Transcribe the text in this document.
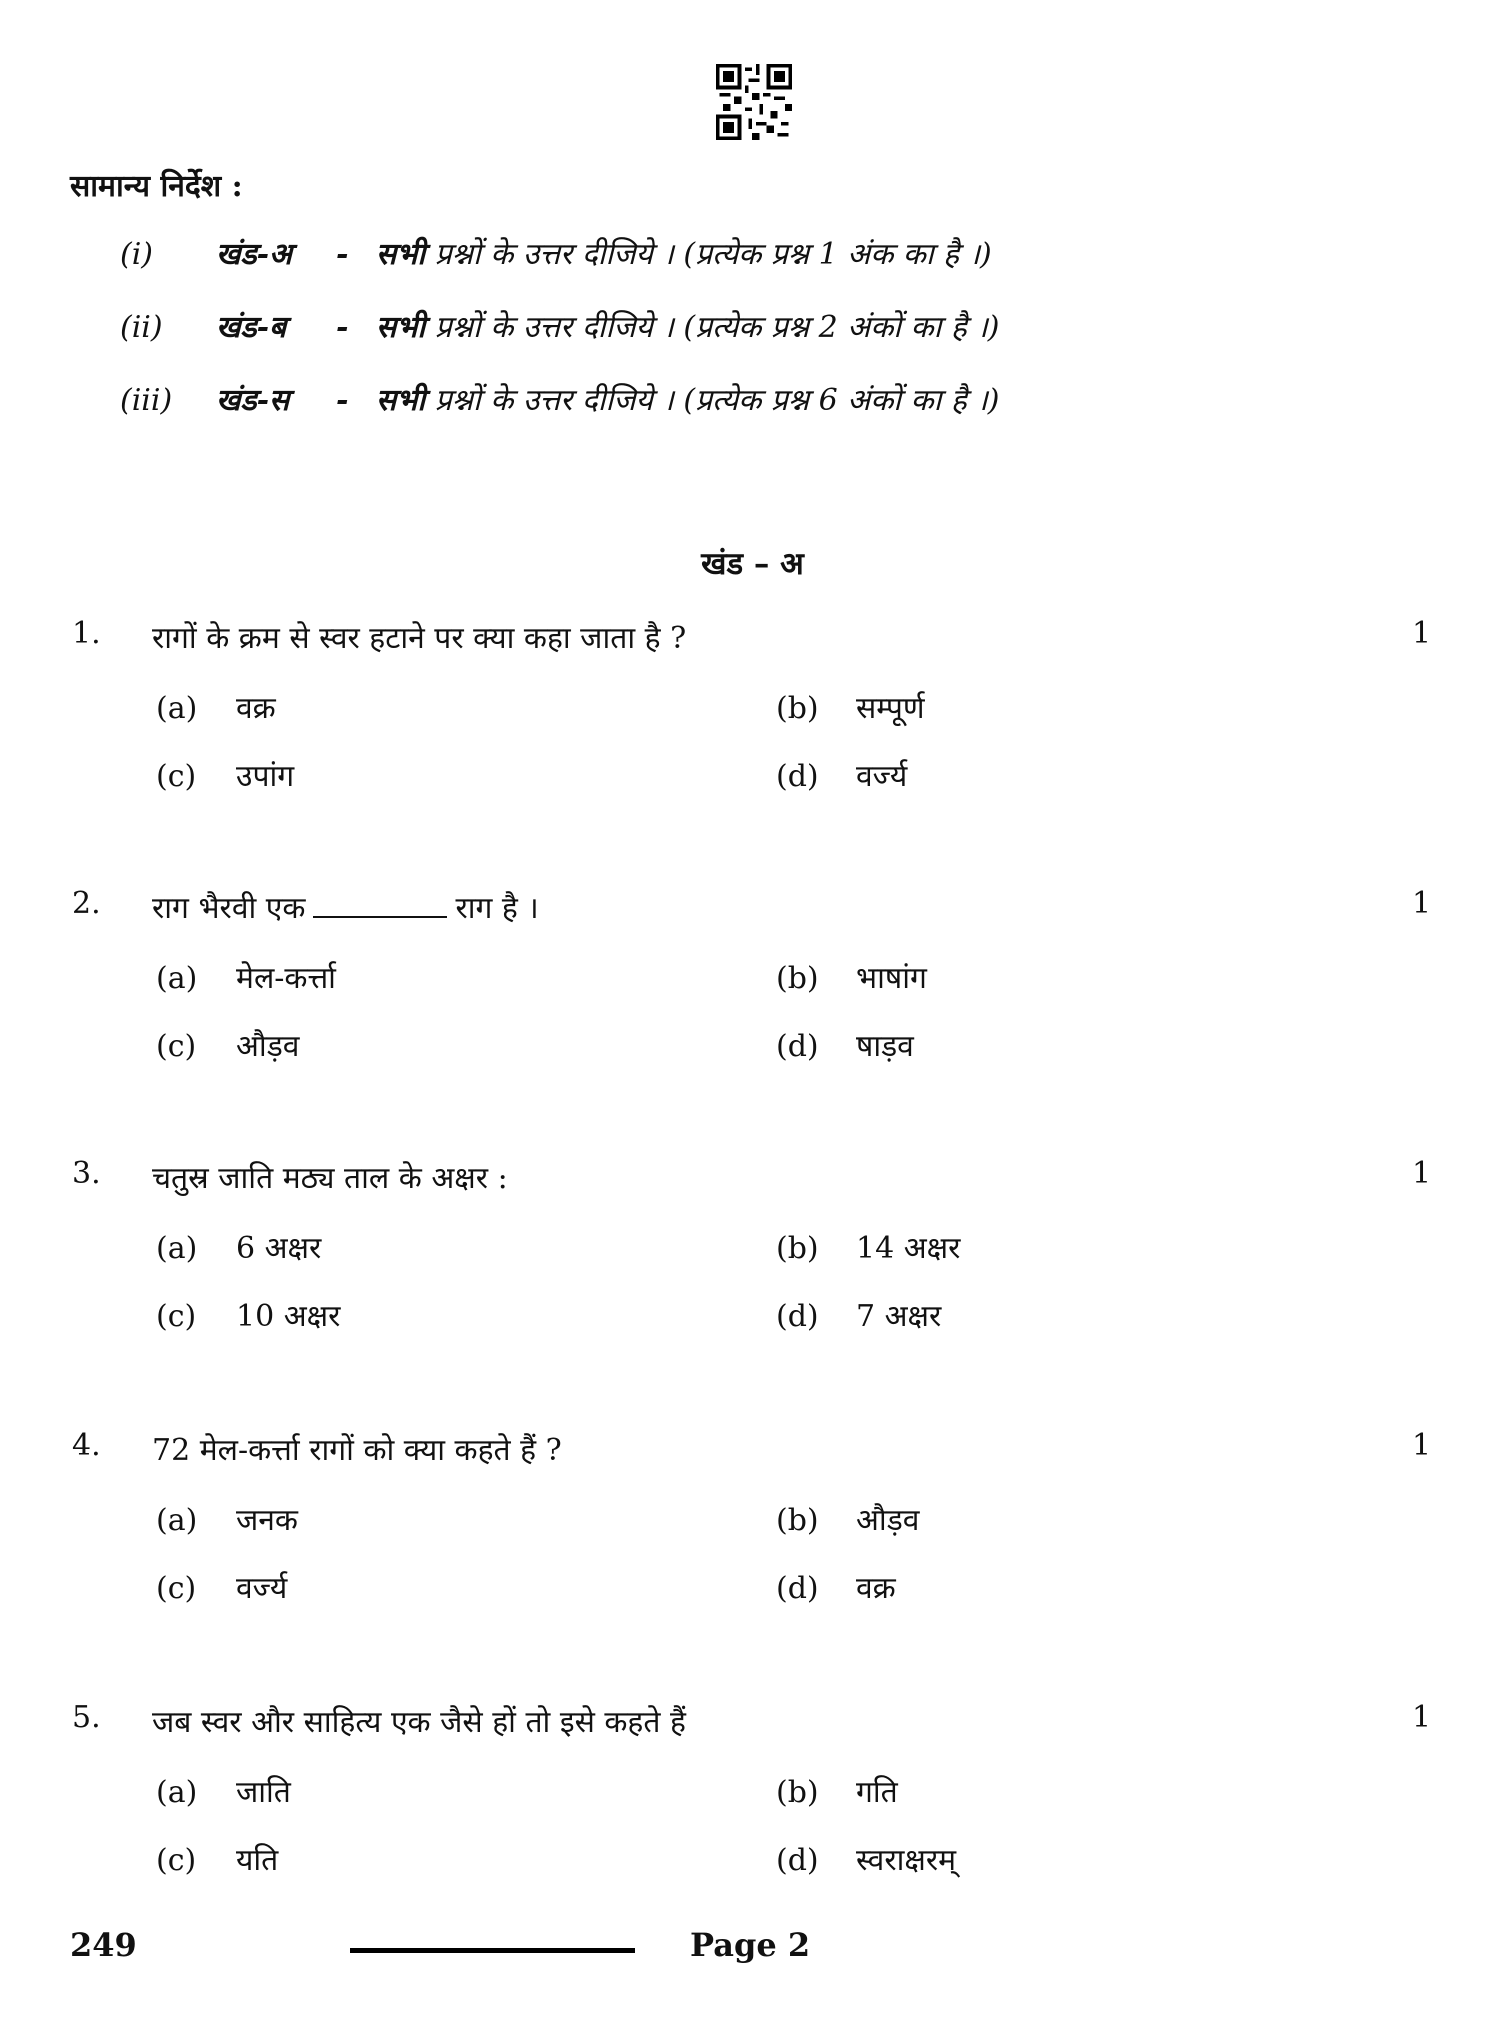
सामान्य निर्देश :
(i) खंड-अ - सभी प्रश्नों के उत्तर दीजिये । (प्रत्येक प्रश्न 1 अंक का है ।)
(ii) खंड-ब - सभी प्रश्नों के उत्तर दीजिये । (प्रत्येक प्रश्न 2 अंकों का है ।)
(iii) खंड-स - सभी प्रश्नों के उत्तर दीजिये । (प्रत्येक प्रश्न 6 अंकों का है ।)
खंड – अ
1. रागों के क्रम से स्वर हटाने पर क्या कहा जाता है ?	1
(a) वक्र	(b) सम्पूर्ण
(c) उपांग	(d) वर्ज्य
2. राग भैरवी एक	राग है ।	1
(a) मेल-कर्त्ता	(b) भाषांग
(c) औड़व	(d) षाड़व
3. चतुस्र जाति मठ्य ताल के अक्षर :	1
(a) 6 अक्षर	(b) 14 अक्षर
(c) 10 अक्षर	(d) 7 अक्षर
4. 72 मेल-कर्त्ता रागों को क्या कहते हैं ?	1
(a) जनक	(b) औड़व
(c) वर्ज्य	(d) वक्र
5. जब स्वर और साहित्य एक जैसे हों तो इसे कहते हैं	1
(a) जाति	(b) गति
(c) यति	(d) स्वराक्षरम्
249	Page 2
